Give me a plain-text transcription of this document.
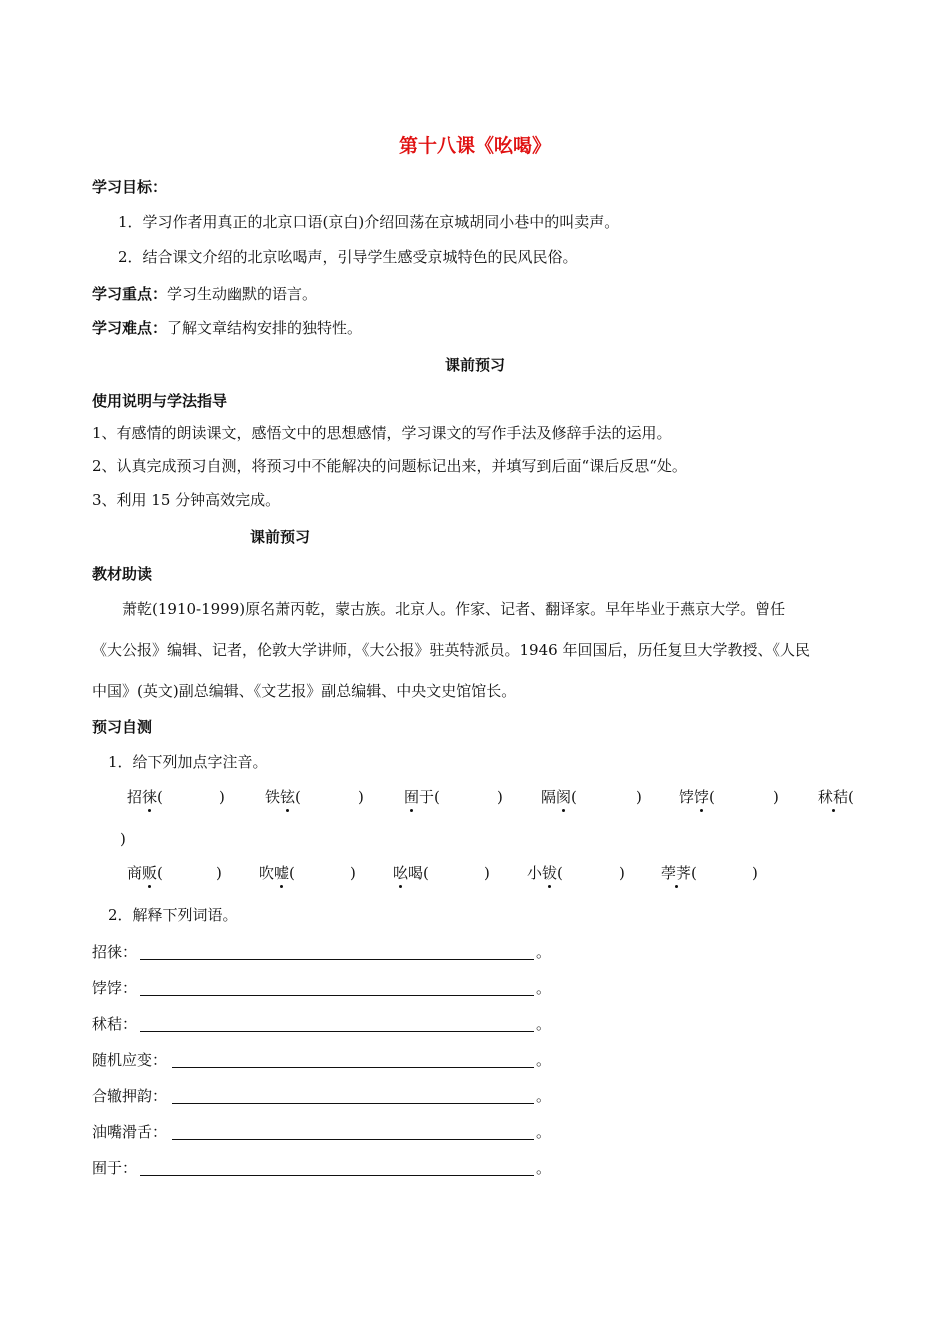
第十八课《吆喝》
学习目标：
1．学习作者用真正的北京口语(京白)介绍回荡在京城胡同小巷中的叫卖声。
2．结合课文介绍的北京吆喝声，引导学生感受京城特色的民风民俗。
学习重点：学习生动幽默的语言。
学习难点：了解文章结构安排的独特性。
课前预习
使用说明与学法指导
1、有感情的朗读课文，感悟文中的思想感情，学习课文的写作手法及修辞手法的运用。
2、认真完成预习自测，将预习中不能解决的问题标记出来，并填写到后面“课后反思“处。
3、利用 15 分钟高效完成。
课前预习
教材助读
萧乾(1910-1999)原名萧丙乾，蒙古族。北京人。作家、记者、翻译家。早年毕业于燕京大学。曾任
《大公报》编辑、记者，伦敦大学讲师，《大公报》驻英特派员。1946 年回国后，历任复旦大学教授、《人民
中国》(英文)副总编辑、《文艺报》副总编辑、中央文史馆馆长。
预习自测
1．给下列加点字注音。
招徕(	)	铁铉(	)	囿于(	)	隔阂(	) 饽饽(	)	秫秸(
)
商贩(	) 吹嘘(	) 吆喝(	) 小钹(	) 荸荠(	)
2．解释下列词语。
招徕：	。
饽饽：	。
秫秸：	。
随机应变：	。
合辙押韵：	。
油嘴滑舌：	。
囿于：	。
